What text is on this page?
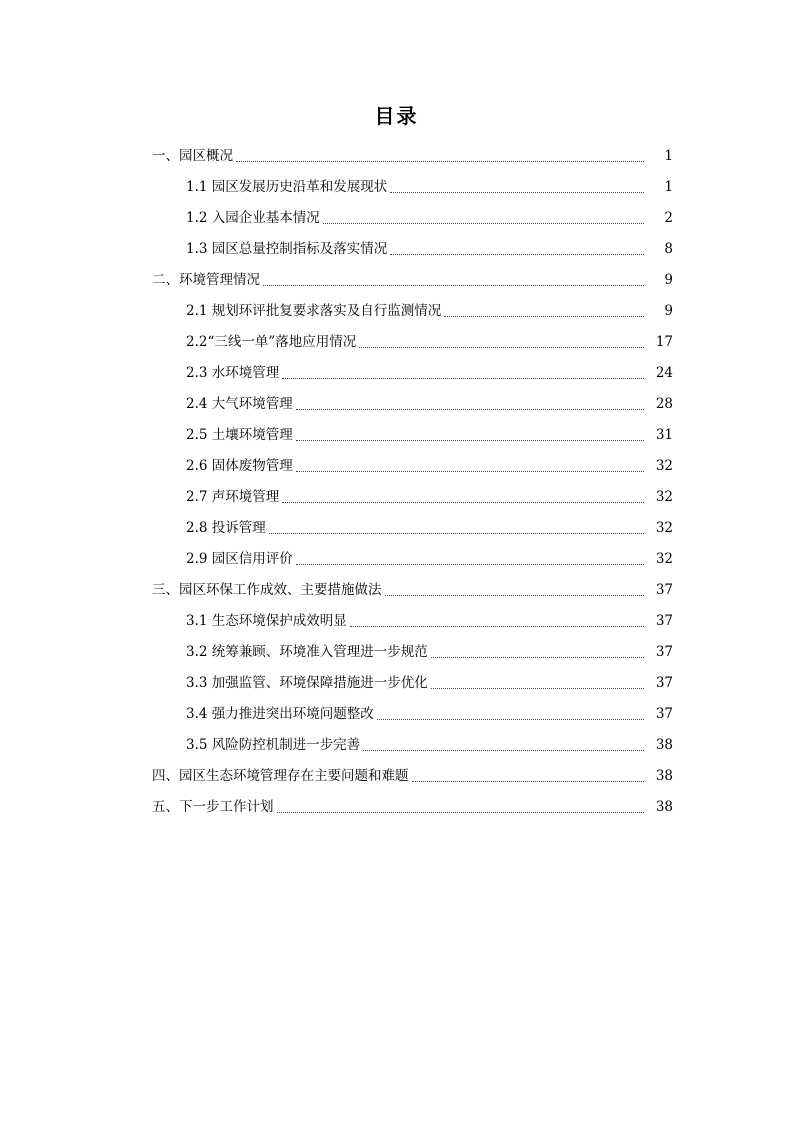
目录
一、园区概况	1
1.1 园区发展历史沿革和发展现状	1
1.2 入园企业基本情况	2
1.3 园区总量控制指标及落实情况	8
二、环境管理情况	9
2.1 规划环评批复要求落实及自行监测情况	9
2.2“三线一单”落地应用情况	17
2.3 水环境管理	24
2.4 大气环境管理	28
2.5 土壤环境管理	31
2.6 固体废物管理	32
2.7 声环境管理	32
2.8 投诉管理	32
2.9 园区信用评价	32
三、园区环保工作成效、主要措施做法	37
3.1 生态环境保护成效明显	37
3.2 统筹兼顾、环境准入管理进一步规范	37
3.3 加强监管、环境保障措施进一步优化	37
3.4 强力推进突出环境问题整改	37
3.5 风险防控机制进一步完善	38
四、园区生态环境管理存在主要问题和难题	38
五、下一步工作计划	38
